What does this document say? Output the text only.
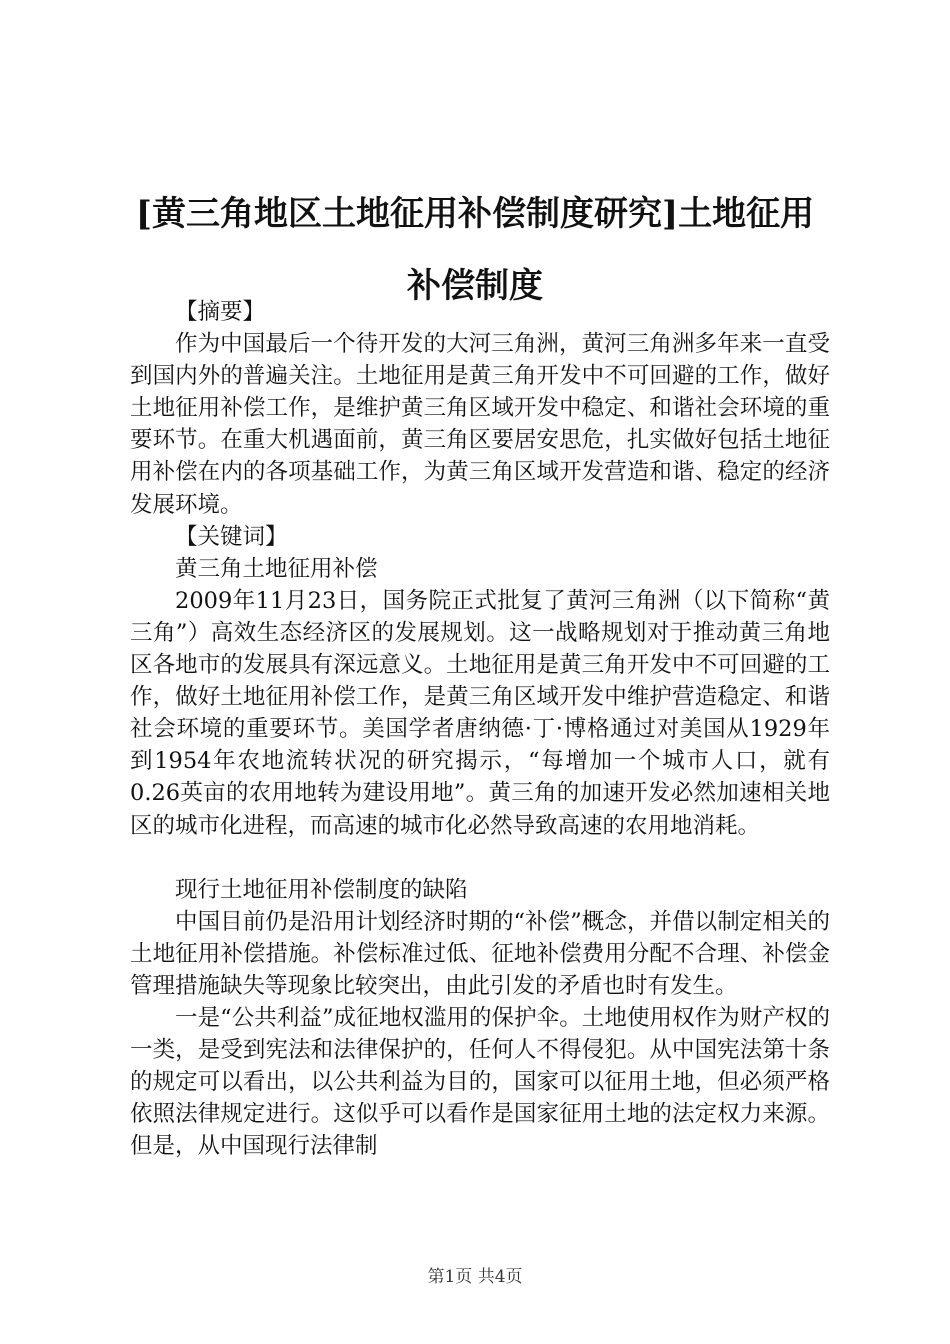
[黄三角地区土地征用补偿制度研究]土地征用
补偿制度

【摘要】

作为中国最后一个待开发的大河三角洲，黄河三角洲多年来一直受到国内外的普遍关注。土地征用是黄三角开发中不可回避的工作，做好土地征用补偿工作，是维护黄三角区域开发中稳定、和谐社会环境的重要环节。在重大机遇面前，黄三角区要居安思危，扎实做好包括土地征用补偿在内的各项基础工作，为黄三角区域开发营造和谐、稳定的经济发展环境。

【关键词】

黄三角土地征用补偿

2009年11月23日，国务院正式批复了黄河三角洲（以下简称“黄三角”）高效生态经济区的发展规划。这一战略规划对于推动黄三角地区各地市的发展具有深远意义。土地征用是黄三角开发中不可回避的工作，做好土地征用补偿工作，是黄三角区域开发中维护营造稳定、和谐社会环境的重要环节。美国学者唐纳德·丁·博格通过对美国从1929年到1954年农地流转状况的研究揭示，“每增加一个城市人口，就有0.26英亩的农用地转为建设用地”。黄三角的加速开发必然加速相关地区的城市化进程，而高速的城市化必然导致高速的农用地消耗。

现行土地征用补偿制度的缺陷

中国目前仍是沿用计划经济时期的“补偿”概念，并借以制定相关的土地征用补偿措施。补偿标准过低、征地补偿费用分配不合理、补偿金管理措施缺失等现象比较突出，由此引发的矛盾也时有发生。

一是“公共利益”成征地权滥用的保护伞。土地使用权作为财产权的一类，是受到宪法和法律保护的，任何人不得侵犯。从中国宪法第十条的规定可以看出，以公共利益为目的，国家可以征用土地，但必须严格依照法律规定进行。这似乎可以看作是国家征用土地的法定权力来源。但是，从中国现行法律制

第1页 共4页
